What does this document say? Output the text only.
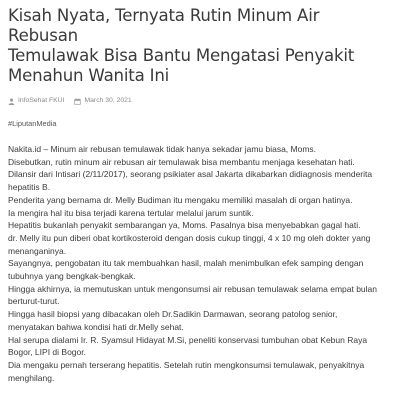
Kisah Nyata, Ternyata Rutin Minum Air Rebusan
Temulawak Bisa Bantu Mengatasi Penyakit
Menahun Wanita Ini
InfoSehat FKUI	March 30, 2021
#LiputanMedia

Nakita.id – Minum air rebusan temulawak tidak hanya sekadar jamu biasa, Moms.

Disebutkan, rutin minum air rebusan air temulawak bisa membantu menjaga kesehatan hati.

Dilansir dari Intisari (2/11/2017), seorang psikiater asal Jakarta dikabarkan didiagnosis menderita

hepatitis B.

Penderita yang bernama dr. Melly Budiman itu mengaku memiliki masalah di organ hatinya.

Ia mengira hal itu bisa terjadi karena tertular melalui jarum suntik.

Hepatitis bukanlah penyakit sembarangan ya, Moms. Pasalnya bisa menyebabkan gagal hati.

dr. Melly itu pun diberi obat kortikosteroid dengan dosis cukup tinggi, 4 x 10 mg oleh dokter yang

menanganinya.

Sayangnya, pengobatan itu tak membuahkan hasil, malah menimbulkan efek samping dengan

tubuhnya yang bengkak-bengkak.

Hingga akhirnya, ia memutuskan untuk mengonsumsi air rebusan temulawak selama empat bulan

berturut-turut.

Hingga hasil biopsi yang dibacakan oleh Dr.Sadikin Darmawan, seorang patolog senior,

menyatakan bahwa kondisi hati dr.Melly sehat.

Hal serupa dialami Ir. R. Syamsul Hidayat M.Si, peneliti konservasi tumbuhan obat Kebun Raya

Bogor, LIPI di Bogor.

Dia mengaku pernah terserang hepatitis. Setelah rutin mengkonsumsi temulawak, penyakitnya

menghilang.
